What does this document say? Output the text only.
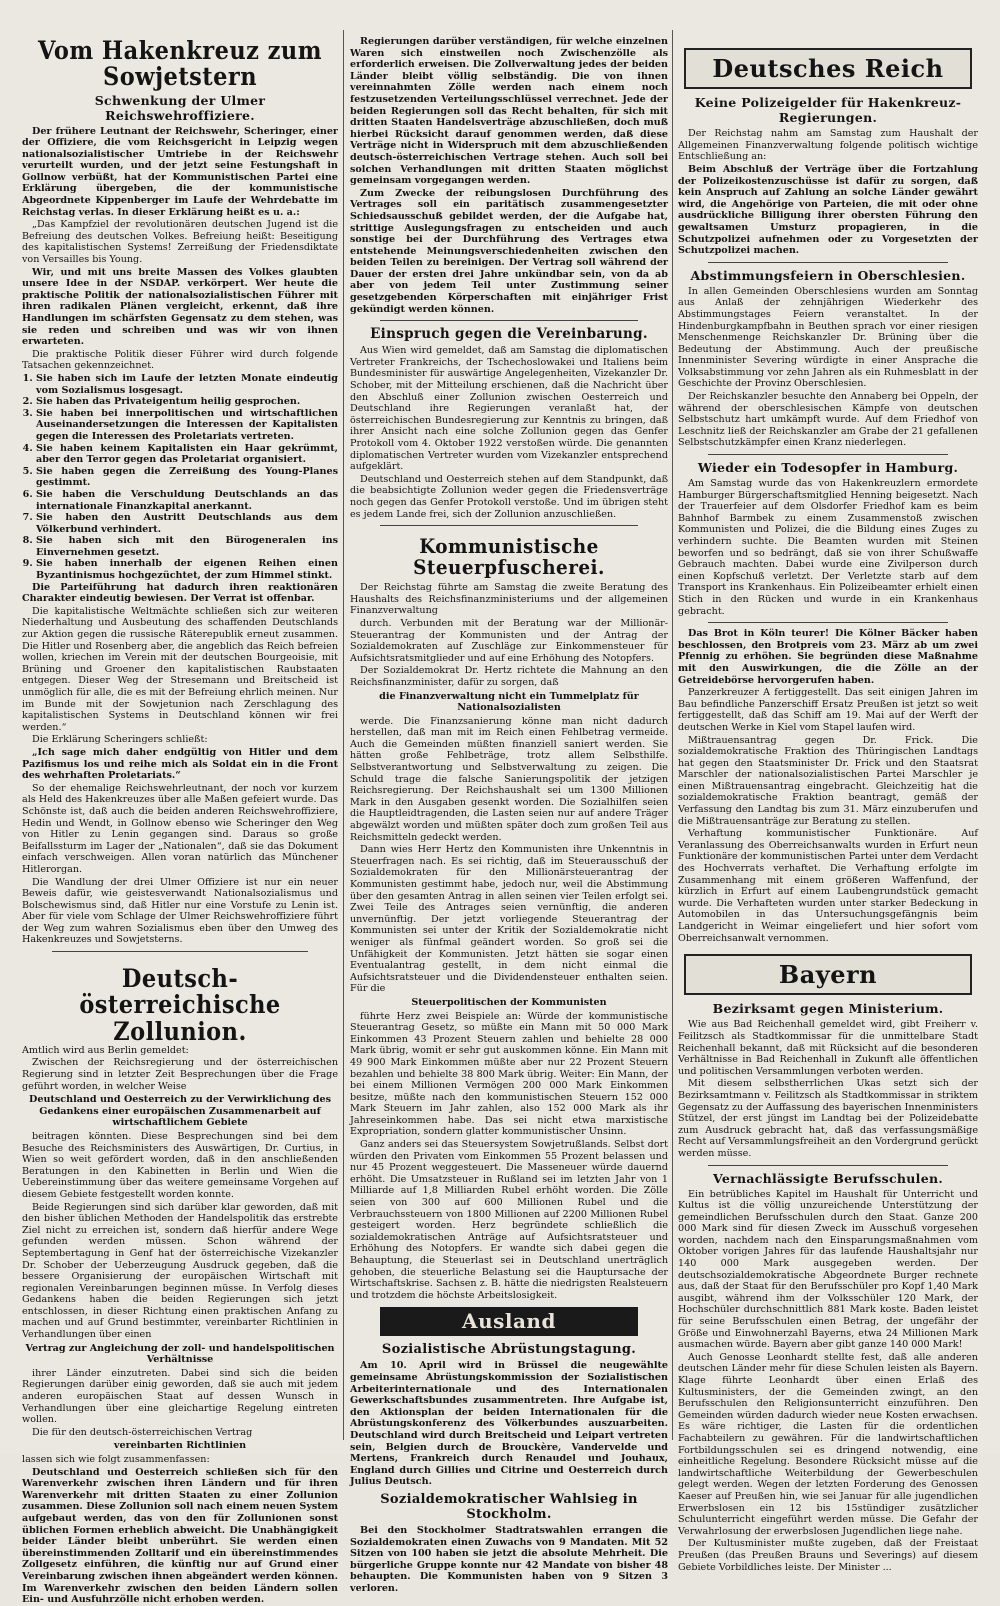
Vom Hakenkreuz zum Sowjetstern
Schwenkung der Ulmer Reichswehroffiziere.

Der frühere Leutnant der Reichswehr, Scheringer, einer der Offiziere, die vom Reichsgericht in Leipzig wegen nationalsozialistischer Umtriebe in der Reichswehr verurteilt wurden, und der jetzt seine Festungshaft in Gollnow verbüßt, hat der Kommunistischen Partei eine Erklärung übergeben, die der kommunistische Abgeordnete Kippenberger im Laufe der Wehrdebatte im Reichstag verlas. In dieser Erklärung heißt es u. a.:

„Das Kampfziel der revolutionären deutschen Jugend ist die Befreiung des deutschen Volkes. Befreiung heißt: Beseitigung des kapitalistischen Systems! Zerreißung der Friedensdiktate von Versailles bis Young.

Wir, und mit uns breite Massen des Volkes glaubten unsere Idee in der NSDAP. verkörpert. Wer heute die praktische Politik der nationalsozialistischen Führer mit ihren radikalen Plänen vergleicht, erkennt, daß ihre Handlungen im schärfsten Gegensatz zu dem stehen, was sie reden und schreiben und was wir von ihnen erwarteten.

Die praktische Politik dieser Führer wird durch folgende Tatsachen gekennzeichnet.

1. Sie haben sich im Laufe der letzten Monate eindeutig vom Sozialismus losgesagt.
2. Sie haben das Privateigentum heilig gesprochen.
3. Sie haben bei innerpolitischen und wirtschaftlichen Auseinandersetzungen die Interessen der Kapitalisten gegen die Interessen des Proletariats vertreten.
4. Sie haben keinem Kapitalisten ein Haar gekrümmt, aber den Terror gegen das Proletariat organisiert.
5. Sie haben gegen die Zerreißung des Young-Planes gestimmt.
6. Sie haben die Verschuldung Deutschlands an das internationale Finanzkapital anerkannt.
7. Sie haben den Austritt Deutschlands aus dem Völkerbund verhindert.
8. Sie haben sich mit den Bürogeneralen ins Einvernehmen gesetzt.
9. Sie haben innerhalb der eigenen Reihen einen Byzantinismus hochgezüchtet, der zum Himmel stinkt.

Die Parteiführung hat dadurch ihren reaktionären Charakter eindeutig bewiesen. Der Verrat ist offenbar.

Die kapitalistische Weltmächte schließen sich zur weiteren Niederhaltung und Ausbeutung des schaffenden Deutschlands zur Aktion gegen die russische Räterepublik erneut zusammen. Die Hitler und Rosenberg aber, die angeblich das Reich befreien wollen, kriechen im Verein mit der deutschen Bourgeoisie, mit Brüning und Groener den kapitalistischen Raubstaaten entgegen. Dieser Weg der Stresemann und Breitscheid ist unmöglich für alle, die es mit der Befreiung ehrlich meinen. Nur im Bunde mit der Sowjetunion nach Zerschlagung des kapitalistischen Systems in Deutschland können wir frei werden.“

Die Erklärung Scheringers schließt:

„Ich sage mich daher endgültig von Hitler und dem Pazifismus los und reihe mich als Soldat ein in die Front des wehrhaften Proletariats.“

So der ehemalige Reichswehrleutnant, der noch vor kurzem als Held des Hakenkreuzes über alle Maßen gefeiert wurde. Das Schönste ist, daß auch die beiden anderen Reichswehroffiziere, Hedin und Wendt, in Gollnow ebenso wie Scheringer den Weg von Hitler zu Lenin gegangen sind. Daraus so große Beifallssturm im Lager der „Nationalen“, daß sie das Dokument einfach verschweigen. Allen voran natürlich das Münchener Hitlerorgan.

Die Wandlung der drei Ulmer Offiziere ist nur ein neuer Beweis dafür, wie geistesverwandt Nationalsozialismus und Bolschewismus sind, daß Hitler nur eine Vorstufe zu Lenin ist. Aber für viele vom Schlage der Ulmer Reichswehroffiziere führt der Weg zum wahren Sozialismus eben über den Umweg des Hakenkreuzes und Sowjetsterns.

Deutsch-österreichische Zollunion.

Amtlich wird aus Berlin gemeldet:

Zwischen der Reichsregierung und der österreichischen Regierung sind in letzter Zeit Besprechungen über die Frage geführt worden, in welcher Weise

Deutschland und Oesterreich zu der Verwirklichung des Gedankens einer europäischen Zusammenarbeit auf wirtschaftlichem Gebiete

beitragen könnten. Diese Besprechungen sind bei dem Besuche des Reichsministers des Auswärtigen, Dr. Curtius, in Wien so weit gefördert worden, daß in den anschließenden Beratungen in den Kabinetten in Berlin und Wien die Uebereinstimmung über das weitere gemeinsame Vorgehen auf diesem Gebiete festgestellt worden konnte.

Beide Regierungen sind sich darüber klar geworden, daß mit den bisher üblichen Methoden der Handelspolitik das erstrebte Ziel nicht zu erreichen ist, sondern daß hierfür andere Wege gefunden werden müssen. Schon während der Septembertagung in Genf hat der österreichische Vizekanzler Dr. Schober der Ueberzeugung Ausdruck gegeben, daß die bessere Organisierung der europäischen Wirtschaft mit regionalen Vereinbarungen beginnen müsse. In Verfolg dieses Gedankens haben die beiden Regierungen sich jetzt entschlossen, in dieser Richtung einen praktischen Anfang zu machen und auf Grund bestimmter, vereinbarter Richtlinien in Verhandlungen über einen

Vertrag zur Angleichung der zoll- und handelspolitischen Verhältnisse

ihrer Länder einzutreten. Dabei sind sich die beiden Regierungen darüber einig geworden, daß sie auch mit jedem anderen europäischen Staat auf dessen Wunsch in Verhandlungen über eine gleichartige Regelung eintreten wollen.

Die für den deutsch-österreichischen Vertrag

vereinbarten Richtlinien

lassen sich wie folgt zusammenfassen:

Deutschland und Oesterreich schließen sich für den Warenverkehr zwischen ihren Ländern und für ihren Warenverkehr mit dritten Staaten zu einer Zollunion zusammen. Diese Zollunion soll nach einem neuen System aufgebaut werden, das von den für Zollunionen sonst üblichen Formen erheblich abweicht. Die Unabhängigkeit beider Länder bleibt unberührt. Sie werden einen übereinstimmenden Zolltarif und ein übereinstimmendes Zollgesetz einführen, die künftig nur auf Grund einer Vereinbarung zwischen ihnen abgeändert werden können. Im Warenverkehr zwischen den beiden Ländern sollen Ein- und Ausfuhrzölle nicht erhoben werden.

Regierungen darüber verständigen, für welche einzelnen Waren sich einstweilen noch Zwischenzölle als erforderlich erweisen. Die Zollverwaltung jedes der beiden Länder bleibt völlig selbständig. Die von ihnen vereinnahmten Zölle werden nach einem noch festzusetzenden Verteilungsschlüssel verrechnet. Jede der beiden Regierungen soll das Recht behalten, für sich mit dritten Staaten Handelsverträge abzuschließen, doch muß hierbei Rücksicht darauf genommen werden, daß diese Verträge nicht in Widerspruch mit dem abzuschließenden deutsch-österreichischen Vertrage stehen. Auch soll bei solchen Verhandlungen mit dritten Staaten möglichst gemeinsam vorgegangen werden.

Zum Zwecke der reibungslosen Durchführung des Vertrages soll ein paritätisch zusammengesetzter Schiedsausschuß gebildet werden, der die Aufgabe hat, strittige Auslegungsfragen zu entscheiden und auch sonstige bei der Durchführung des Vertrages etwa entstehende Meinungsverschiedenheiten zwischen den beiden Teilen zu bereinigen. Der Vertrag soll während der Dauer der ersten drei Jahre unkündbar sein, von da ab aber von jedem Teil unter Zustimmung seiner gesetzgebenden Körperschaften mit einjähriger Frist gekündigt werden können.

Einspruch gegen die Vereinbarung.

Aus Wien wird gemeldet, daß am Samstag die diplomatischen Vertreter Frankreichs, der Tschechoslowakei und Italiens beim Bundesminister für auswärtige Angelegenheiten, Vizekanzler Dr. Schober, mit der Mitteilung erschienen, daß die Nachricht über den Abschluß einer Zollunion zwischen Oesterreich und Deutschland ihre Regierungen veranlaßt hat, der österreichischen Bundesregierung zur Kenntnis zu bringen, daß ihrer Ansicht nach eine solche Zollunion gegen das Genfer Protokoll vom 4. Oktober 1922 verstoßen würde. Die genannten diplomatischen Vertreter wurden vom Vizekanzler entsprechend aufgeklärt.

Deutschland und Oesterreich stehen auf dem Standpunkt, daß die beabsichtigte Zollunion weder gegen die Friedensverträge noch gegen das Genfer Protokoll verstoße. Und im übrigen steht es jedem Lande frei, sich der Zollunion anzuschließen.

Kommunistische Steuerpfuscherei.

Der Reichstag führte am Samstag die zweite Beratung des Haushalts des Reichsfinanzministeriums und der allgemeinen Finanzverwaltung

durch. Verbunden mit der Beratung war der Millionär-Steuerantrag der Kommunisten und der Antrag der Sozialdemokraten auf Zuschläge zur Einkommensteuer für Aufsichtsratsmitglieder und auf eine Erhöhung des Notopfers.

Der Sozialdemokrat Dr. Hertz richtete die Mahnung an den Reichsfinanzminister, dafür zu sorgen, daß

die Finanzverwaltung nicht ein Tummelplatz für Nationalsozialisten

werde. Die Finanzsanierung könne man nicht dadurch herstellen, daß man mit im Reich einen Fehlbetrag vermeide. Auch die Gemeinden müßten finanziell saniert werden. Sie hätten große Fehlbeträge, trotz allem Selbsthilfe. Selbstverantwortung und Selbstverwaltung zu zeigen. Die Schuld trage die falsche Sanierungspolitik der jetzigen Reichsregierung. Der Reichshaushalt sei um 1300 Millionen Mark in den Ausgaben gesenkt worden. Die Sozialhilfen seien die Hauptleidtragenden, die Lasten seien nur auf andere Träger abgewälzt worden und müßten später doch zum großen Teil aus Reichsmitteln gedeckt werden.

Dann wies Herr Hertz den Kommunisten ihre Unkenntnis in Steuerfragen nach. Es sei richtig, daß im Steuerausschuß der Sozialdemokraten für den Millionärsteuerantrag der Kommunisten gestimmt habe, jedoch nur, weil die Abstimmung über den gesamten Antrag in allen seinen vier Teilen erfolgt sei. Zwei Teile des Antrages seien vernünftig, die anderen unvernünftig. Der jetzt vorliegende Steuerantrag der Kommunisten sei unter der Kritik der Sozialdemokratie nicht weniger als fünfmal geändert worden. So groß sei die Unfähigkeit der Kommunisten. Jetzt hätten sie sogar einen Eventualantrag gestellt, in dem nicht einmal die Aufsichtsratsteuer und die Dividendensteuer enthalten seien. Für die

Steuerpolitischen der Kommunisten

führte Herz zwei Beispiele an: Würde der kommunistische Steuerantrag Gesetz, so müßte ein Mann mit 50 000 Mark Einkommen 43 Prozent Steuern zahlen und behielte 28 000 Mark übrig, womit er sehr gut auskommen könne. Ein Mann mit 49 900 Mark Einkommen müßte aber nur 22 Prozent Steuern bezahlen und behielte 38 800 Mark übrig. Weiter: Ein Mann, der bei einem Millionen Vermögen 200 000 Mark Einkommen besitze, müßte nach den kommunistischen Steuern 152 000 Mark Steuern im Jahr zahlen, also 152 000 Mark als ihr Jahreseinkommen habe. Das sei nicht etwa marxistische Expropriation, sondern glatter kommunistischer Unsinn.

Ganz anders sei das Steuersystem Sowjetrußlands. Selbst dort würden den Privaten vom Einkommen 55 Prozent belassen und nur 45 Prozent weggesteuert. Die Masseneuer würde dauernd erhöht. Die Umsatzsteuer in Rußland sei im letzten Jahr von 1 Milliarde auf 1,8 Milliarden Rubel erhöht worden. Die Zölle seien von 300 auf 600 Millionen Rubel und die Verbrauchssteuern von 1800 Millionen auf 2200 Millionen Rubel gesteigert worden. Herz begründete schließlich die sozialdemokratischen Anträge auf Aufsichtsratsteuer und Erhöhung des Notopfers. Er wandte sich dabei gegen die Behauptung, die Steuerlast sei in Deutschland unerträglich gehoben, die steuerliche Belastung sei die Hauptursache der Wirtschaftskrise. Sachsen z. B. hätte die niedrigsten Realsteuern und trotzdem die höchste Arbeitslosigkeit.

Ausland
Sozialistische Abrüstungstagung.

Am 10. April wird in Brüssel die neugewählte gemeinsame Abrüstungskommission der Sozialistischen Arbeiterinternationale und des Internationalen Gewerkschaftsbundes zusammentreten. Ihre Aufgabe ist, den Aktionsplan der beiden Internationalen für die Abrüstungskonferenz des Völkerbundes auszuarbeiten. Deutschland wird durch Breitscheid und Leipart vertreten sein, Belgien durch de Brouckère, Vandervelde und Mertens, Frankreich durch Renaudel und Jouhaux, England durch Gillies und Citrine und Oesterreich durch Julius Deutsch.

Sozialdemokratischer Wahlsieg in Stockholm.

Bei den Stockholmer Stadtratswahlen errangen die Sozialdemokraten einen Zuwachs von 9 Mandaten. Mit 52 Sitzen von 100 haben sie jetzt die absolute Mehrheit. Die bürgerliche Gruppe konnte nur 42 Mandate von bisher 48 behaupten. Die Kommunisten haben von 9 Sitzen 3 verloren.

Deutsches Reich
Keine Polizeigelder für Hakenkreuz-Regierungen.

Der Reichstag nahm am Samstag zum Haushalt der Allgemeinen Finanzverwaltung folgende politisch wichtige Entschließung an:

Beim Abschluß der Verträge über die Fortzahlung der Polizeikostenzuschüsse ist dafür zu sorgen, daß kein Anspruch auf Zahlung an solche Länder gewährt wird, die Angehörige von Parteien, die mit oder ohne ausdrückliche Billigung ihrer obersten Führung den gewaltsamen Umsturz propagieren, in die Schutzpolizei aufnehmen oder zu Vorgesetzten der Schutzpolizei machen.

Abstimmungsfeiern in Oberschlesien.

In allen Gemeinden Oberschlesiens wurden am Sonntag aus Anlaß der zehnjährigen Wiederkehr des Abstimmungstages Feiern veranstaltet. In der Hindenburgkampfbahn in Beuthen sprach vor einer riesigen Menschenmenge Reichskanzler Dr. Brüning über die Bedeutung der Abstimmung. Auch der preußische Innenminister Severing würdigte in einer Ansprache die Volksabstimmung vor zehn Jahren als ein Ruhmesblatt in der Geschichte der Provinz Oberschlesien.

Der Reichskanzler besuchte den Annaberg bei Oppeln, der während der oberschlesischen Kämpfe von deutschen Selbstschutz hart umkämpft wurde. Auf dem Friedhof von Leschnitz ließ der Reichskanzler am Grabe der 21 gefallenen Selbstschutzkämpfer einen Kranz niederlegen.

Wieder ein Todesopfer in Hamburg.

Am Samstag wurde das von Hakenkreuzlern ermordete Hamburger Bürgerschaftsmitglied Henning beigesetzt. Nach der Trauerfeier auf dem Olsdorfer Friedhof kam es beim Bahnhof Barmbek zu einem Zusammenstoß zwischen Kommunisten und Polizei, die die Bildung eines Zuges zu verhindern suchte. Die Beamten wurden mit Steinen beworfen und so bedrängt, daß sie von ihrer Schußwaffe Gebrauch machten. Dabei wurde eine Zivilperson durch einen Kopfschuß verletzt. Der Verletzte starb auf dem Transport ins Krankenhaus. Ein Polizeibeamter erhielt einen Stich in den Rücken und wurde in ein Krankenhaus gebracht.

Das Brot in Köln teurer! Die Kölner Bäcker haben beschlossen, den Brotpreis vom 23. März ab um zwei Pfennig zu erhöhen. Sie begründen diese Maßnahme mit den Auswirkungen, die die Zölle an der Getreidebörse hervorgerufen haben.

Panzerkreuzer A fertiggestellt. Das seit einigen Jahren im Bau befindliche Panzerschiff Ersatz Preußen ist jetzt so weit fertiggestellt, daß das Schiff am 19. Mai auf der Werft der deutschen Werke in Kiel vom Stapel laufen wird.

Mißtrauensantrag gegen Dr. Frick. Die sozialdemokratische Fraktion des Thüringischen Landtags hat gegen den Staatsminister Dr. Frick und den Staatsrat Marschler der nationalsozialistischen Partei Marschler je einen Mißtrauensantrag eingebracht. Gleichzeitig hat die sozialdemokratische Fraktion beantragt, gemäß der Verfassung den Landtag bis zum 31. März einzuberufen und die Mißtrauensanträge zur Beratung zu stellen.

Verhaftung kommunistischer Funktionäre. Auf Veranlassung des Oberreichsanwalts wurden in Erfurt neun Funktionäre der kommunistischen Partei unter dem Verdacht des Hochverrats verhaftet. Die Verhaftung erfolgte im Zusammenhang mit einem größeren Waffenfund, der kürzlich in Erfurt auf einem Laubengrundstück gemacht wurde. Die Verhafteten wurden unter starker Bedeckung in Automobilen in das Untersuchungsgefängnis beim Landgericht in Weimar eingeliefert und hier sofort vom Oberreichsanwalt vernommen.

Bayern
Bezirksamt gegen Ministerium.

Wie aus Bad Reichenhall gemeldet wird, gibt Freiherr v. Feilitzsch als Stadtkommissar für die unmittelbare Stadt Reichenhall bekannt, daß mit Rücksicht auf die besonderen Verhältnisse in Bad Reichenhall in Zukunft alle öffentlichen und politischen Versammlungen verboten werden.

Mit diesem selbstherrlichen Ukas setzt sich der Bezirksamtmann v. Feilitzsch als Stadtkommissar in striktem Gegensatz zu der Auffassung des bayerischen Innenministers Stützel, der erst jüngst im Landtag bei der Polizeidebatte zum Ausdruck gebracht hat, daß das verfassungsmäßige Recht auf Versammlungsfreiheit an den Vordergrund gerückt werden müsse.

Vernachlässigte Berufsschulen.

Ein betrübliches Kapitel im Haushalt für Unterricht und Kultus ist die völlig unzureichende Unterstützung der gemeindlichen Berufsschulen durch den Staat. Ganze 200 000 Mark sind für diesen Zweck im Ausschuß vorgesehen worden, nachdem nach den Einsparungsmaßnahmen vom Oktober vorigen Jahres für das laufende Haushaltsjahr nur 140 000 Mark ausgegeben werden. Der deutschsozialdemokratische Abgeordnete Burger rechnete aus, daß der Staat für den Berufsschüler pro Kopf 1,40 Mark ausgibt, während ihm der Volksschüler 120 Mark, der Hochschüler durchschnittlich 881 Mark koste. Baden leistet für seine Berufsschulen einen Betrag, der ungefähr der Größe und Einwohnerzahl Bayerns, etwa 24 Millionen Mark ausmachen würde. Bayern aber gibt ganze 140 000 Mark!

Auch Genosse Leonhardt stellte fest, daß alle anderen deutschen Länder mehr für diese Schulen leisten als Bayern. Klage führte Leonhardt über einen Erlaß des Kultusministers, der die Gemeinden zwingt, an den Berufsschulen den Religionsunterricht einzuführen. Den Gemeinden würden dadurch wieder neue Kosten erwachsen. Es wäre richtiger, die Lasten für die ordentlichen Fachabteilern zu gewähren. Für die landwirtschaftlichen Fortbildungsschulen sei es dringend notwendig, eine einheitliche Regelung. Besondere Rücksicht müsse auf die landwirtschaftliche Weiterbildung der Gewerbeschulen gelegt werden. Wegen der letzten Forderung des Genossen Kaeser auf Preußen hin, wie sei Januar für alle jugendlichen Erwerbslosen ein 12 bis 15stündiger zusätzlicher Schulunterricht eingeführt werden müsse. Die Gefahr der Verwahrlosung der erwerbslosen Jugendlichen liege nahe.

Der Kultusminister mußte zugeben, daß der Freistaat Preußen (das Preußen Brauns und Severings) auf diesem Gebiete Vorbildliches leiste. Der Minister ...
